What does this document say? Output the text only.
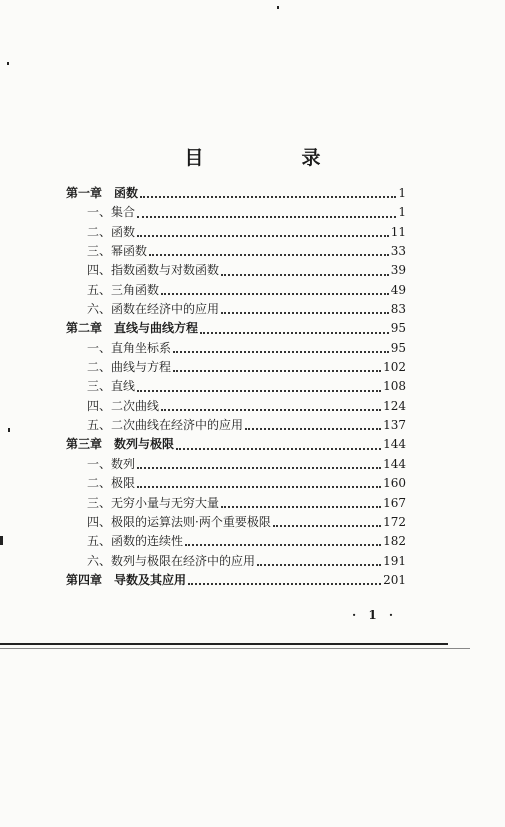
目　　录
第一章 函数	1
一、 集合	1
二、 函数	11
三、 幂函数	33
四、 指数函数与对数函数	39
五、 三角函数	49
六、 函数在经济中的应用	83
第二章 直线与曲线方程	95
一、 直角坐标系	95
二、 曲线与方程	102
三、 直线	108
四、 二次曲线	124
五、 二次曲线在经济中的应用	137
第三章 数列与极限	144
一、 数列	144
二、 极限	160
三、 无穷小量与无穷大量	167
四、 极限的运算法则·两个重要极限	172
五、 函数的连续性	182
六、 数列与极限在经济中的应用	191
第四章 导数及其应用	201
· 1 ·
